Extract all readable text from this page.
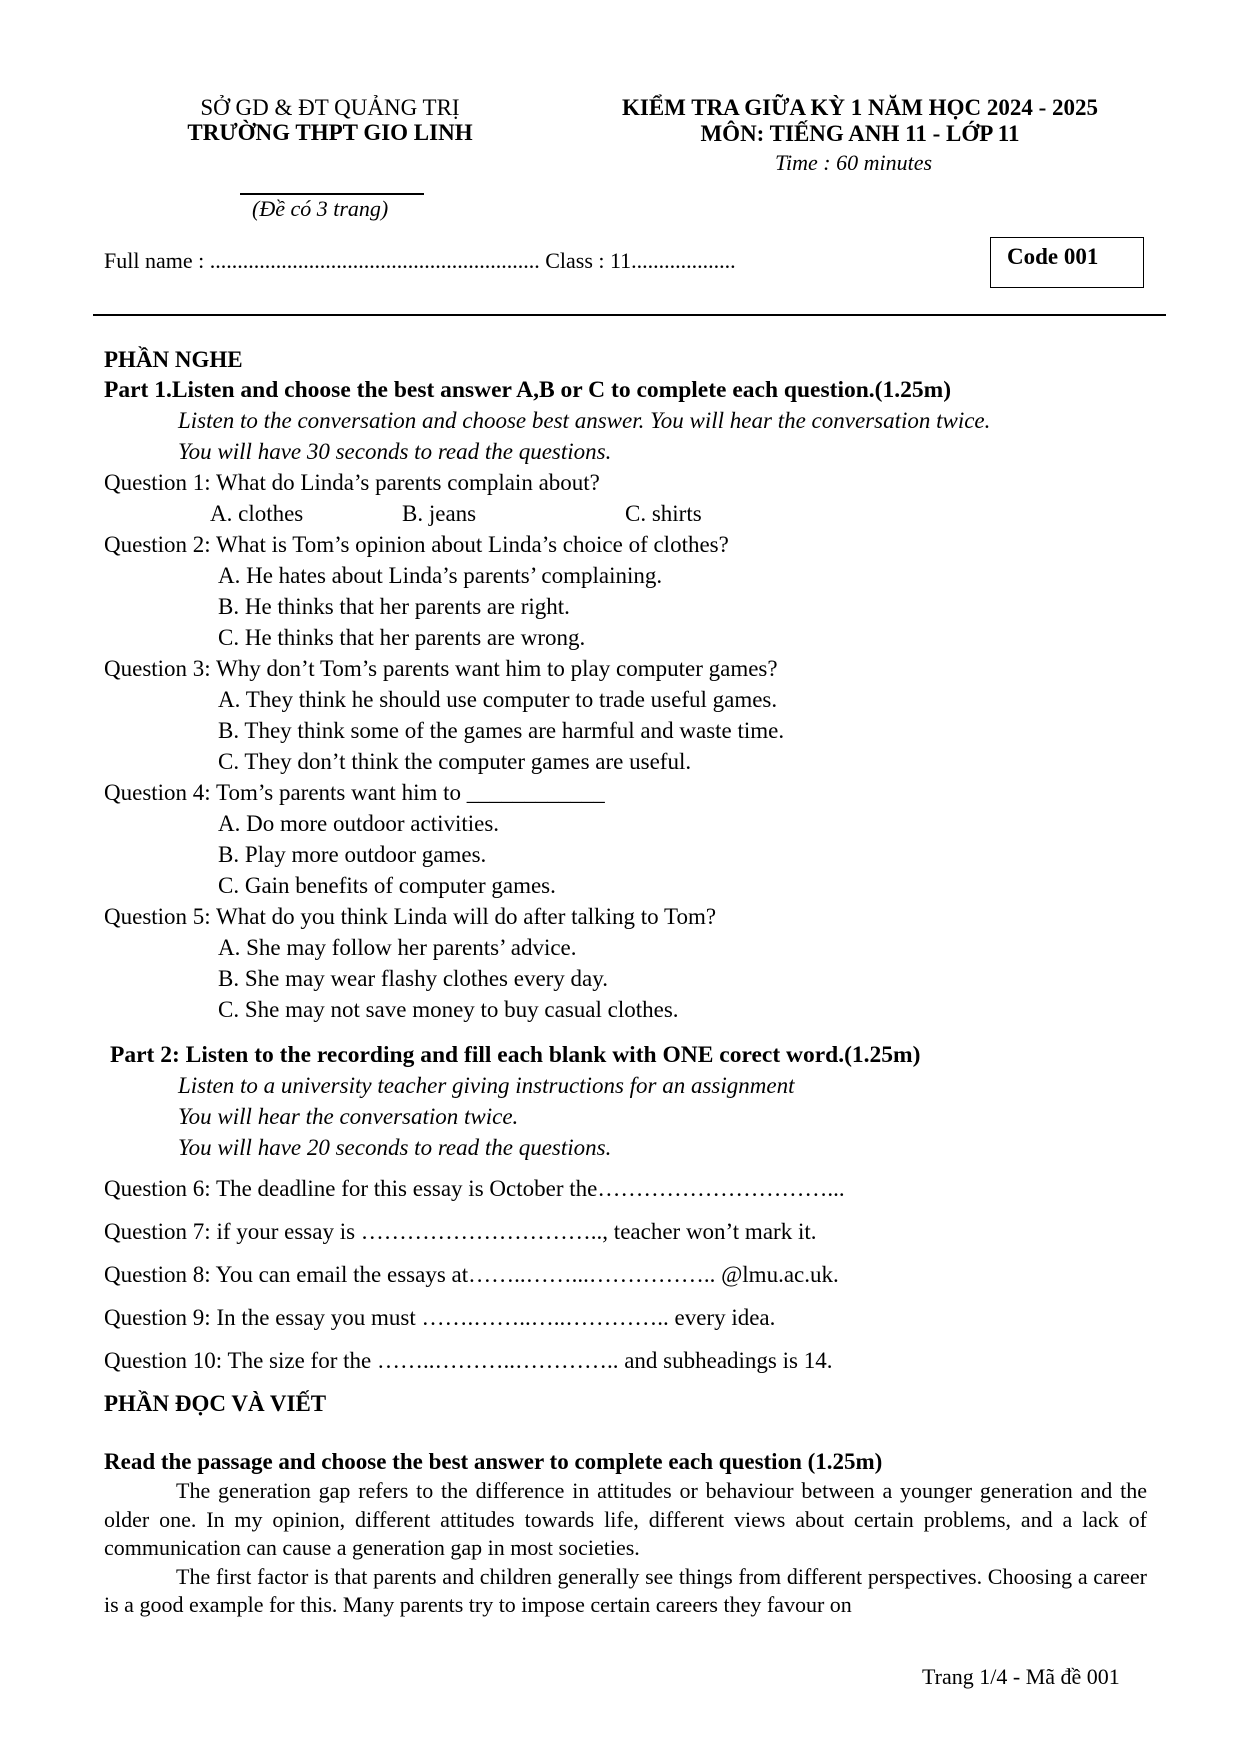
SỞ GD & ĐT QUẢNG TRỊ
TRƯỜNG THPT GIO LINH
(Đề có 3 trang)
KIỂM TRA GIỮA KỲ 1 NĂM HỌC 2024 - 2025
MÔN: TIẾNG ANH 11 - LỚP 11
Time : 60 minutes
Full name : ............................................................ Class : 11...................	Code 001
PHẦN NGHE
Part 1.Listen and choose the best answer A,B or C to complete each question.(1.25m)
Listen to the conversation and choose best answer. You will hear the conversation twice.
You will have 30 seconds to read the questions.
Question 1: What do Linda’s parents complain about?
A. clothes	B. jeans	C. shirts
Question 2: What is Tom’s opinion about Linda’s choice of clothes?
A. He hates about Linda’s parents’ complaining.
B. He thinks that her parents are right.
C. He thinks that her parents are wrong.
Question 3: Why don’t Tom’s parents want him to play computer games?
A. They think he should use computer to trade useful games.
B. They think some of the games are harmful and waste time.
C. They don’t think the computer games are useful.
Question 4: Tom’s parents want him to ____________
A. Do more outdoor activities.
B. Play more outdoor games.
C. Gain benefits of computer games.
Question 5: What do you think Linda will do after talking to Tom?
A. She may follow her parents’ advice.
B. She may wear flashy clothes every day.
C. She may not save money to buy casual clothes.
Part 2: Listen to the recording and fill each blank with ONE corect word.(1.25m)
Listen to a university teacher giving instructions for an assignment
You will hear the conversation twice.
You will have 20 seconds to read the questions.
Question 6: The deadline for this essay is October the…………………………...
Question 7: if your essay is ………………………….., teacher won’t mark it.
Question 8: You can email the essays at……..……...…………….. @lmu.ac.uk.
Question 9: In the essay you must …….……..…..………….. every idea.
Question 10: The size for the ……..………..………….. and subheadings is 14.
PHẦN ĐỌC VÀ VIẾT
Read the passage and choose the best answer to complete each question (1.25m)

The generation gap refers to the difference in attitudes or behaviour between a younger generation and the older one. In my opinion, different attitudes towards life, different views about certain problems, and a lack of communication can cause a generation gap in most societies.

The first factor is that parents and children generally see things from different perspectives. Choosing a career is a good example for this. Many parents try to impose certain careers they favour on

Trang 1/4 - Mã đề 001
